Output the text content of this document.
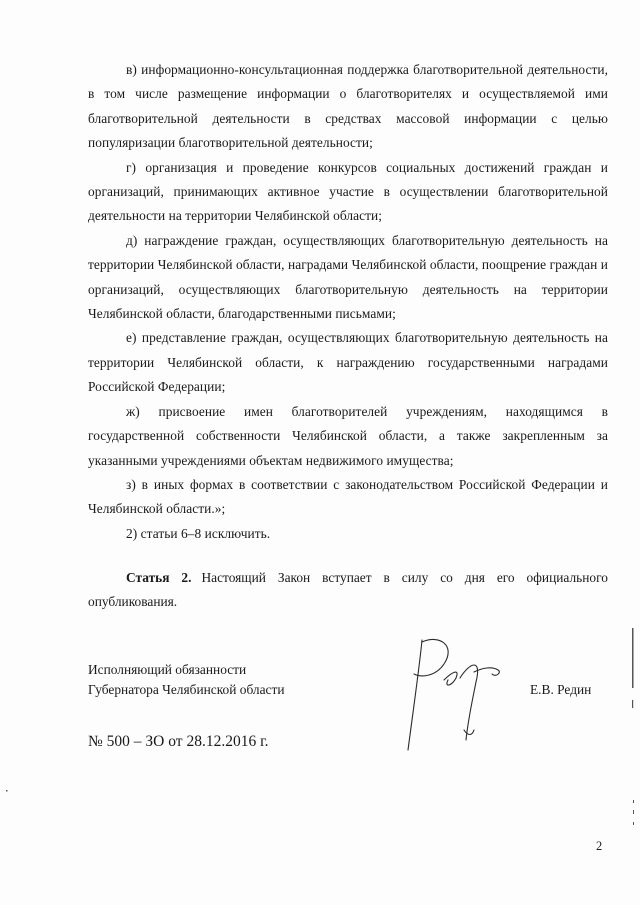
в) информационно-консультационная поддержка благотворительной деятельности, в том числе размещение информации о благотворителях и осуществляемой ими благотворительной деятельности в средствах массовой информации с целью популяризации благотворительной деятельности;

г) организация и проведение конкурсов социальных достижений граждан и организаций, принимающих активное участие в осуществлении благотворительной деятельности на территории Челябинской области;

д) награждение граждан, осуществляющих благотворительную деятельность на территории Челябинской области, наградами Челябинской области, поощрение граждан и организаций, осуществляющих благотворительную деятельность на территории Челябинской области, благодарственными письмами;

е) представление граждан, осуществляющих благотворительную деятельность на территории Челябинской области, к награждению государственными наградами Российской Федерации;

ж) присвоение имен благотворителей учреждениям, находящимся в государственной собственности Челябинской области, а также закрепленным за указанными учреждениями объектам недвижимого имущества;

з) в иных формах в соответствии с законодательством Российской Федерации и Челябинской области.»;

2) статьи 6–8 исключить.

Статья 2. Настоящий Закон вступает в силу со дня его официального опубликования.

Исполняющий обязанности
Губернатора Челябинской области	Е.В. Редин
№ 500 – ЗО от 28.12.2016 г.
2
